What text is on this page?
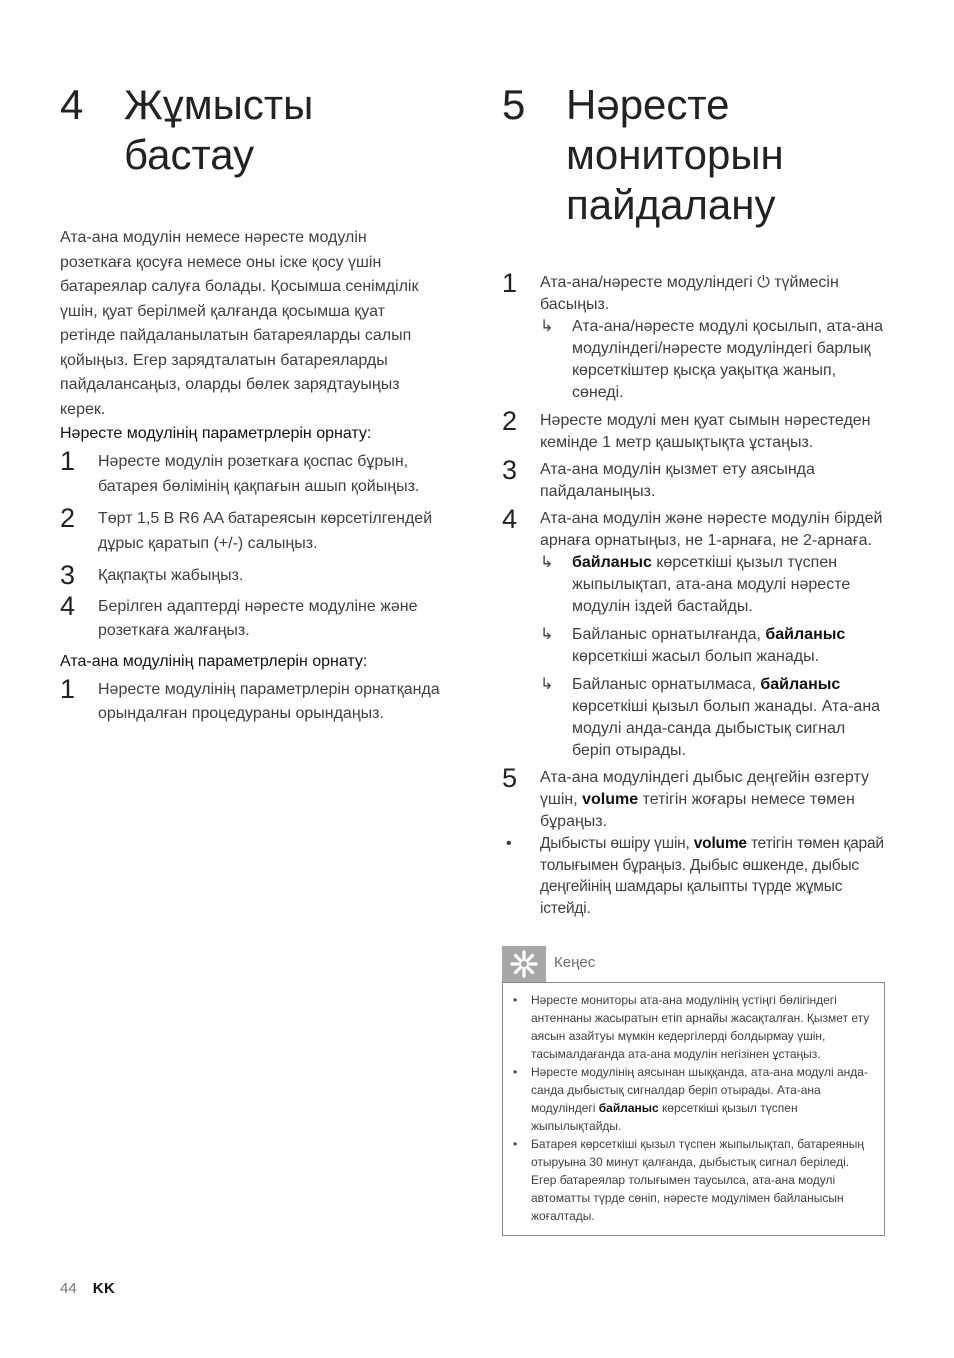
4 Жұмысты
бастау

Ата-ана модулін немесе нәресте модулін розеткаға қосуға немесе оны іске қосу үшін батареялар салуға болады. Қосымша сенімділік үшін, қуат берілмей қалғанда қосымша қуат ретінде пайдаланылатын батареяларды салып қойыңыз. Егер зарядталатын батареяларды пайдалансаңыз, оларды бөлек зарядтауыңыз керек.

Нәресте модулінің параметрлерін орнату:

1 Нәресте модулін розеткаға қоспас бұрын, батарея бөлімінің қақпағын ашып қойыңыз.
2 Төрт 1,5 В R6 AA батареясын көрсетілгендей дұрыс қаратып (+/-) салыңыз.
3 Қақпақты жабыңыз.
4 Берілген адаптерді нәресте модуліне және розеткаға жалғаңыз.

Ата-ана модулінің параметрлерін орнату:

1 Нәресте модулінің параметрлерін орнатқанда орындалған процедураны орындаңыз.
5 Нәресте
мониторын
пайдалану
1 Ата-ана/нәресте модуліндегі ⏻ түймесін басыңыз.
↳ Ата-ана/нәресте модулі қосылып, ата-ана модуліндегі/нәресте модуліндегі барлық көрсеткіштер қысқа уақытқа жанып, сөнеді.
2 Нәресте модулі мен қуат сымын нәрестеден кемінде 1 метр қашықтықта ұстаңыз.
3 Ата-ана модулін қызмет ету аясында пайдаланыңыз.
4 Ата-ана модулін және нәресте модулін бірдей арнаға орнатыңыз, не 1-арнаға, не 2-арнаға.
↳ байланыс көрсеткіші қызыл түспен жыпылықтап, ата-ана модулі нәресте модулін іздей бастайды.
↳ Байланыс орнатылғанда, байланыс көрсеткіші жасыл болып жанады.
↳ Байланыс орнатылмаса, байланыс көрсеткіші қызыл болып жанады. Ата-ана модулі анда-санда дыбыстық сигнал беріп отырады.
5 Ата-ана модуліндегі дыбыс деңгейін өзгерту үшін, volume тетігін жоғары немесе төмен бұраңыз.
• Дыбысты өшіру үшін, volume тетігін төмен қарай толығымен бұраңыз. Дыбыс өшкенде, дыбыс деңгейінің шамдары қалыпты түрде жұмыс істейді.
Кеңес
• Нәресте мониторы ата-ана модулінің үстіңгі бөлігіндегі антеннаны жасыратын етіп арнайы жасақталған. Қызмет ету аясын азайтуы мүмкін кедергілерді болдырмау үшін, тасымалдағанда ата-ана модулін негізінен ұстаңыз.
• Нәресте модулінің аясынан шыққанда, ата-ана модулі анда-санда дыбыстық сигналдар беріп отырады. Ата-ана модуліндегі байланыс көрсеткіші қызыл түспен жыпылықтайды.
• Батарея көрсеткіші қызыл түспен жыпылықтап, батареяның отыруына 30 минут қалғанда, дыбыстық сигнал беріледі. Егер батареялар толығымен таусылса, ата-ана модулі автоматты түрде сөніп, нәресте модулімен байланысын жоғалтады.
44 KK
